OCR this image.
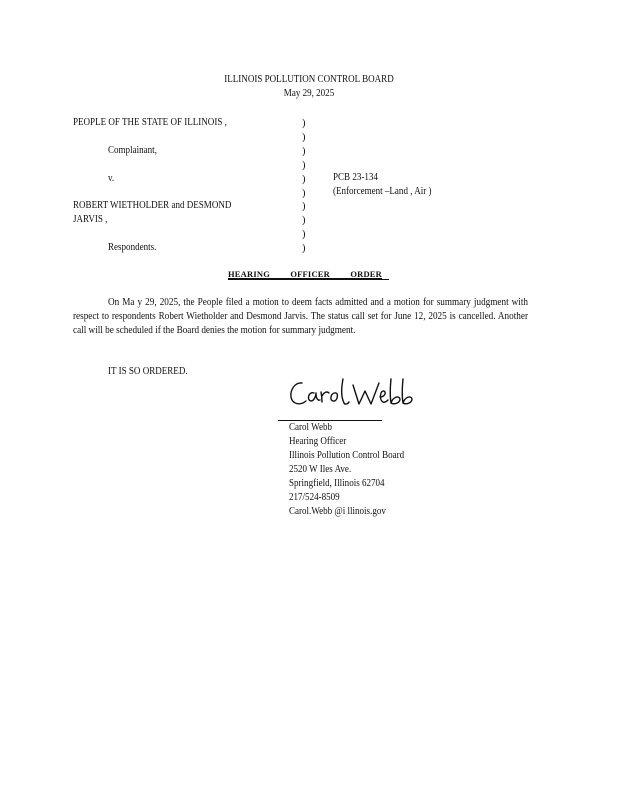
ILLINOIS POLLUTION CONTROL BOARD
May 29, 2025
PEOPLE OF THE STATE OF ILLINOIS ,
Complainant,
v.
ROBERT WIETHOLDER and DESMOND
JARVIS ,
Respondents.
)
)
)
)
)
)
)
)
)
)
PCB 23-134
(Enforcement –Land , Air )
HEARING OFFICER ORDER
On Ma y 29, 2025, the People filed a motion to deem facts admitted and a motion for summary judgment with respect to respondents Robert Wietholder and Desmond Jarvis. The status call set for June 12, 2025 is cancelled. Another call will be scheduled if the Board denies the motion for summary judgment.
IT IS SO ORDERED.
Carol Webb
Hearing Officer
Illinois Pollution Control Board
2520 W Iles Ave.
Springfield, Illinois 62704
217/524-8509
Carol.Webb @i llinois.gov
